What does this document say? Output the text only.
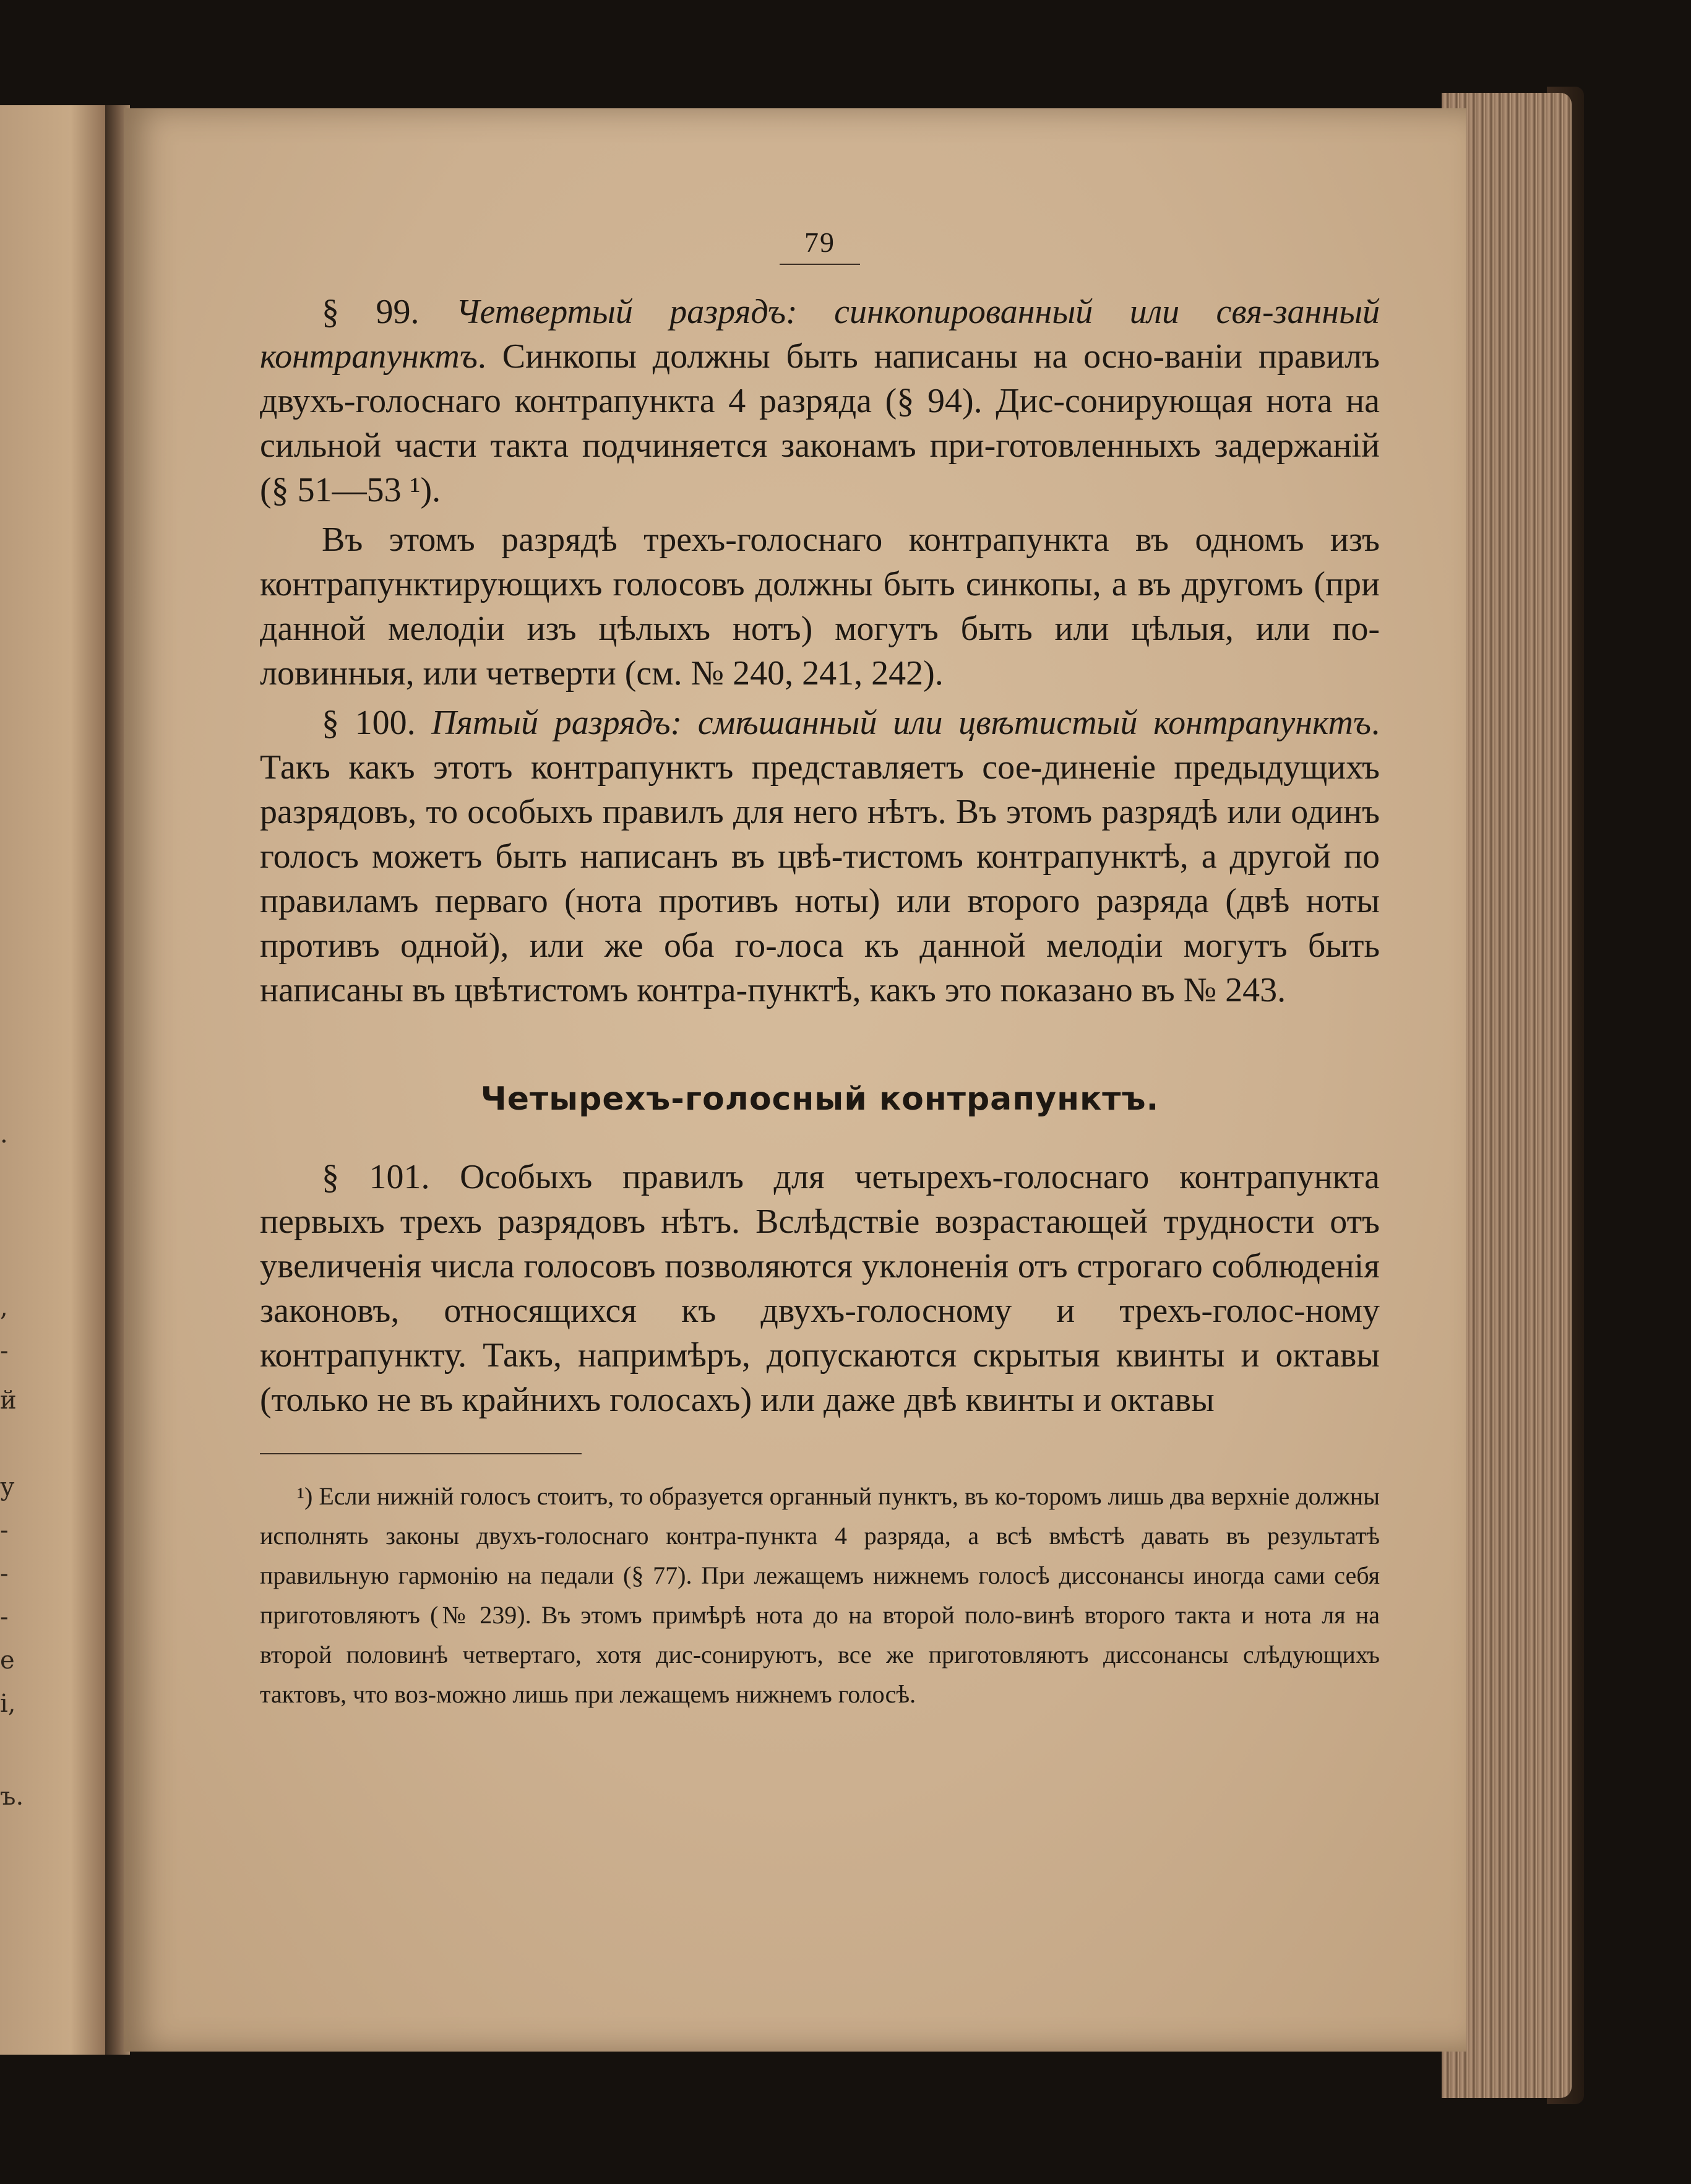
.
,
-
й
у
-
-
-
е
і,
ъ.
79

§ 99. Четвертый разрядъ: синкопированный или свя-занный контрапунктъ. Синкопы должны быть написаны на осно-ваніи правилъ двухъ-голоснаго контрапункта 4 разряда (§ 94). Дис-сонирующая нота на сильной части такта подчиняется законамъ при-готовленныхъ задержаній (§ 51—53 ¹).

Въ этомъ разрядѣ трехъ-голоснаго контрапункта въ одномъ изъ контрапунктирующихъ голосовъ должны быть синкопы, а въ другомъ (при данной мелодіи изъ цѣлыхъ нотъ) могутъ быть или цѣлыя, или по-ловинныя, или четверти (см. № 240, 241, 242).

§ 100. Пятый разрядъ: смѣшанный или цвѣтистый контрапунктъ. Такъ какъ этотъ контрапунктъ представляетъ сое-диненіе предыдущихъ разрядовъ, то особыхъ правилъ для него нѣтъ. Въ этомъ разрядѣ или одинъ голосъ можетъ быть написанъ въ цвѣ-тистомъ контрапунктѣ, а другой по правиламъ перваго (нота противъ ноты) или второго разряда (двѣ ноты противъ одной), или же оба го-лоса къ данной мелодіи могутъ быть написаны въ цвѣтистомъ контра-пунктѣ, какъ это показано въ № 243.

Четырехъ-голосный контрапунктъ.

§ 101. Особыхъ правилъ для четырехъ-голоснаго контрапункта первыхъ трехъ разрядовъ нѣтъ. Вслѣдствіе возрастающей трудности отъ увеличенія числа голосовъ позволяются уклоненія отъ строгаго соблюденія законовъ, относящихся къ двухъ-голосному и трехъ-голос-ному контрапункту. Такъ, напримѣръ, допускаются скрытыя квинты и октавы (только не въ крайнихъ голосахъ) или даже двѣ квинты и октавы

¹) Если нижній голосъ стоитъ, то образуется органный пунктъ, въ ко-торомъ лишь два верхніе должны исполнять законы двухъ-голоснаго контра-пункта 4 разряда, а всѣ вмѣстѣ давать въ результатѣ правильную гармонію на педали (§ 77). При лежащемъ нижнемъ голосѣ диссонансы иногда сами себя приготовляютъ (№ 239). Въ этомъ примѣрѣ нота до на второй поло-винѣ второго такта и нота ля на второй половинѣ четвертаго, хотя дис-сонируютъ, все же приготовляютъ диссонансы слѣдующихъ тактовъ, что воз-можно лишь при лежащемъ нижнемъ голосѣ.
